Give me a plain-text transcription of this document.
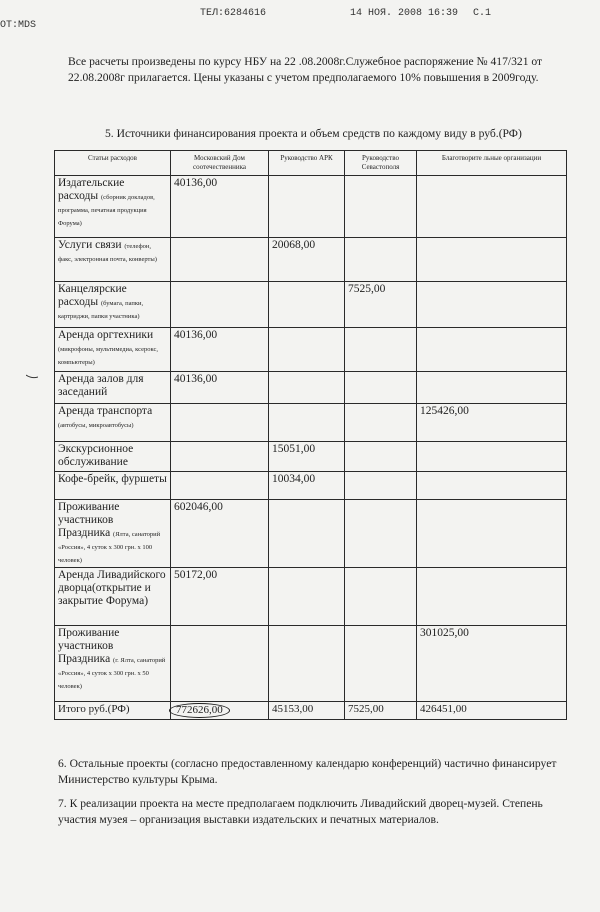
OT:MDS
ТЕЛ:6284616	14 НОЯ. 2008 16:39 С.1
Все расчеты произведены по курсу НБУ на 22 .08.2008г.Служебное распоряжение № 417/321 от 22.08.2008г прилагается. Цены указаны с учетом предполагаемого 10% повышения в 2009году.
5. Источники финансирования проекта и объем средств по каждому виду в руб.(РФ)
Статьи расходов	Московский Дом соотечественника	Руководство АРК	Руководство Севастополя	Благотворите льные организации
Издательские расходы (сборник докладов, программа, печатная продукция Форума)	40136,00			
Услуги связи (телефон, факс, электронная почта, конверты)		20068,00		
Канцелярские расходы (бумага, папки, картриджи, папки участника)			7525,00	
Аренда оргтехники (микрофоны, мультимедиа, ксерокс, компьютеры)	40136,00			
Аренда залов для заседаний	40136,00			
Аренда транспорта (автобусы, микроавтобусы)				125426,00
Экскурсионное обслуживание		15051,00		
Кофе-брейк, фуршеты		10034,00		
Проживание участников Праздника (Ялта, санаторий «Россия», 4 суток x 300 грн. x 100 человек)	602046,00			
Аренда Ливадийского дворца(открытие и закрытие Форума)	50172,00			
Проживание участников Праздника (г. Ялта, санаторий «Россия», 4 суток x 300 грн. x 50 человек)				301025,00
Итого руб.(РФ)	772626,00	45153,00	7525,00	426451,00
6. Остальные проекты (согласно предоставленному календарю конференций) частично финансирует Министерство культуры Крыма.
7. К реализации проекта на месте предполагаем подключить Ливадийский дворец-музей. Степень участия музея – организация выставки издательских и печатных материалов.
